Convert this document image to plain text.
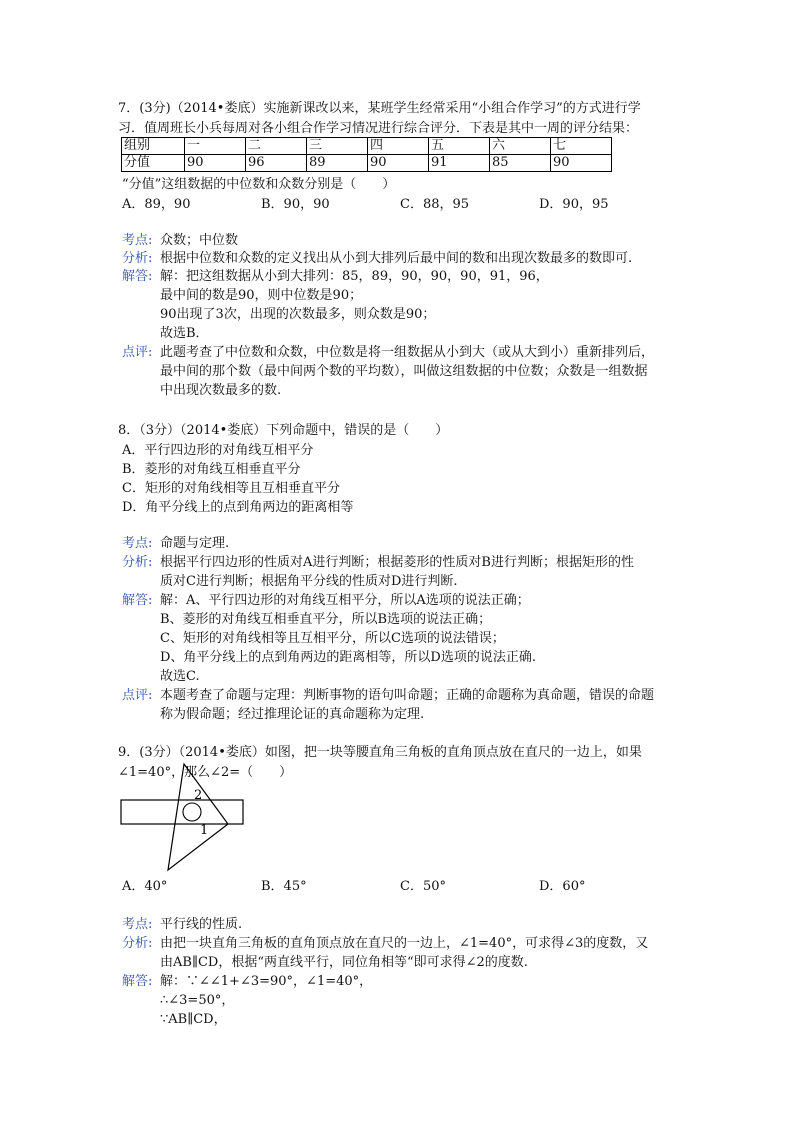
7．(3分)（2014•娄底）实施新课改以来，某班学生经常采用“小组合作学习”的方式进行学
习．值周班长小兵每周对各小组合作学习情况进行综合评分．下表是其中一周的评分结果：
组别	一	二	三	四	五	六	七
分值	90	96	89	90	91	85	90
“分值”这组数据的中位数和众数分别是（　　）
A．89，90	B．90，90	C．88，95	D．90，95
考点: 众数；中位数
分析: 根据中位数和众数的定义找出从小到大排列后最中间的数和出现次数最多的数即可.
解答: 解：把这组数据从小到大排列：85，89，90，90，90，91，96，
最中间的数是90，则中位数是90；
90出现了3次，出现的次数最多，则众数是90；
故选B．
点评: 此题考查了中位数和众数，中位数是将一组数据从小到大（或从大到小）重新排列后，
最中间的那个数（最中间两个数的平均数），叫做这组数据的中位数；众数是一组数据
中出现次数最多的数.
8．（3分）（2014•娄底）下列命题中，错误的是（　　）
A．平行四边形的对角线互相平分
B．菱形的对角线互相垂直平分
C．矩形的对角线相等且互相垂直平分
D．角平分线上的点到角两边的距离相等
考点: 命题与定理.
分析: 根据平行四边形的性质对A进行判断；根据菱形的性质对B进行判断；根据矩形的性
质对C进行判断；根据角平分线的性质对D进行判断.
解答: 解：A、平行四边形的对角线互相平分，所以A选项的说法正确；
B、菱形的对角线互相垂直平分，所以B选项的说法正确；
C、矩形的对角线相等且互相平分，所以C选项的说法错误；
D、角平分线上的点到角两边的距离相等，所以D选项的说法正确.
故选C.
点评: 本题考查了命题与定理：判断事物的语句叫命题；正确的命题称为真命题，错误的命题
称为假命题；经过推理论证的真命题称为定理.
9．(3分）（2014•娄底）如图，把一块等腰直角三角板的直角顶点放在直尺的一边上，如果
∠1=40°，那么∠2=（　　）
2
1
A．40°	B．45°	C．50°	D．60°
考点: 平行线的性质.
分析: 由把一块直角三角板的直角顶点放在直尺的一边上，∠1=40°，可求得∠3的度数，又
由AB∥CD，根据“两直线平行，同位角相等“即可求得∠2的度数.
解答: 解：∵∠∠1+∠3=90°，∠1=40°，
∴∠3=50°，
∵AB∥CD，
